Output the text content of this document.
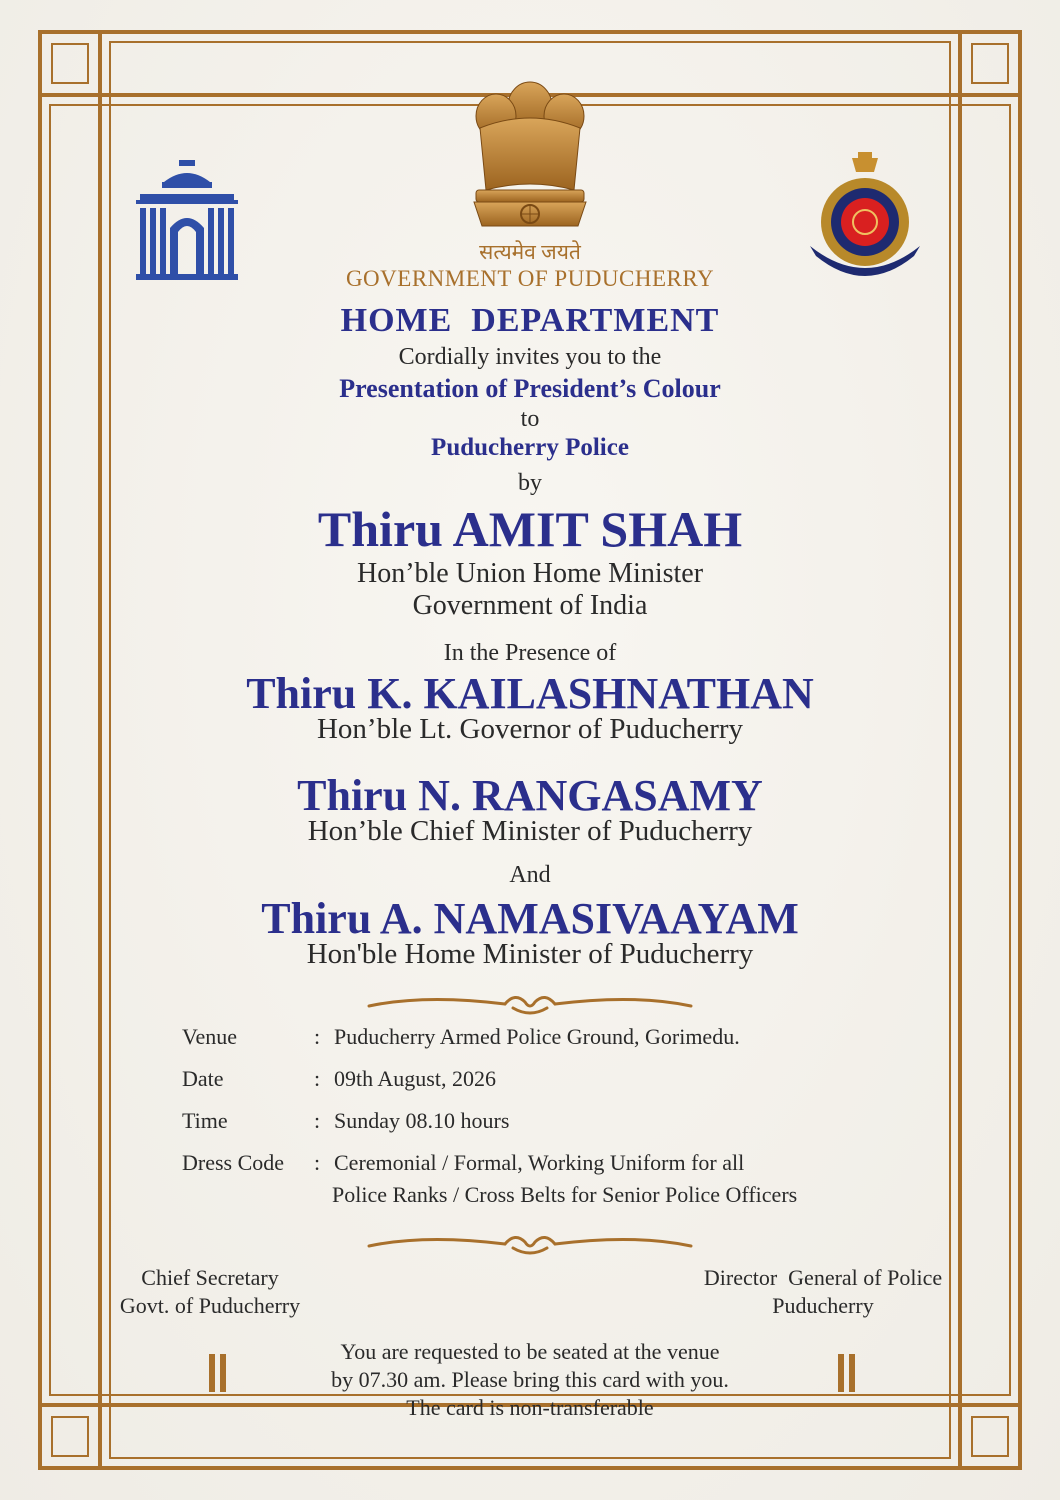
सत्यमेव जयते

GOVERNMENT OF PUDUCHERRY

HOME  DEPARTMENT

Cordially invites you to the

Presentation of President’s Colour

to

Puducherry Police

by

Thiru AMIT SHAH

Hon’ble Union Home Minister

Government of India

In the Presence of

Thiru K. KAILASHNATHAN

Hon’ble Lt. Governor of Puducherry

Thiru N. RANGASAMY

Hon’ble Chief Minister of Puducherry

And

Thiru A. NAMASIVAAYAM

Hon'ble Home Minister of Puducherry

Venue	: Puducherry Armed Police Ground, Gorimedu.
Date	: 09th August, 2026
Time	: Sunday 08.10 hours
Dress Code : Ceremonial / Formal, Working Uniform for all
Police Ranks / Cross Belts for Senior Police Officers
Chief Secretary
Govt. of Puducherry
Director  General of Police
Puducherry
You are requested to be seated at the venue
by 07.30 am. Please bring this card with you.
The card is non-transferable
